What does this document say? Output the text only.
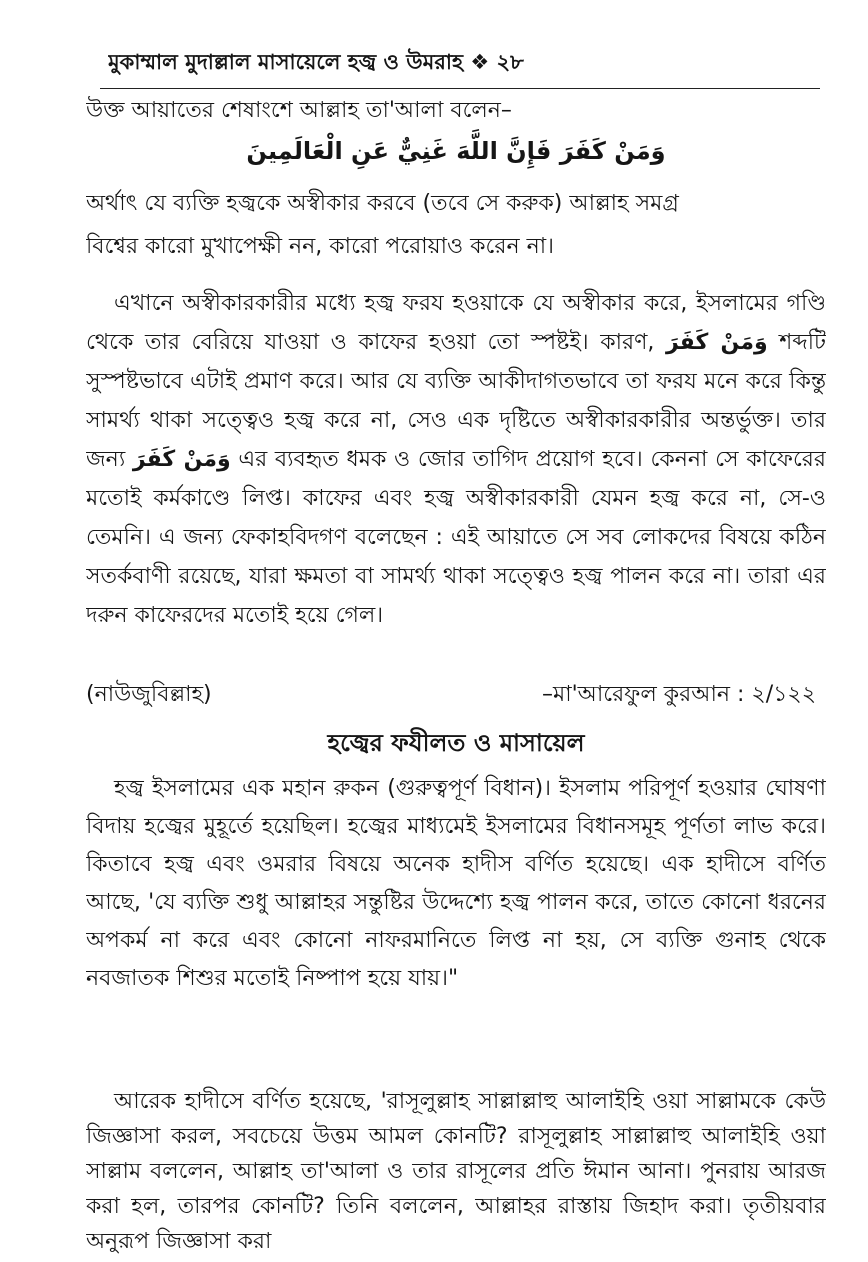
মুকাম্মাল মুদাল্লাল মাসায়েলে হজ্ব ও উমরাহ ❖ ২৮
উক্ত আয়াতের শেষাংশে আল্লাহ তা'আলা বলেন–
وَمَنْ كَفَرَ فَإِنَّ اللَّهَ غَنِيٌّ عَنِ الْعَالَمِينَ
অর্থাৎ যে ব্যক্তি হজ্বকে অস্বীকার করবে (তবে সে করুক) আল্লাহ সমগ্র
বিশ্বের কারো মুখাপেক্ষী নন, কারো পরোয়াও করেন না।
এখানে অস্বীকারকারীর মধ্যে হজ্ব ফরয হওয়াকে যে অস্বীকার করে, ইসলামের গণ্ডি থেকে তার বেরিয়ে যাওয়া ও কাফের হওয়া তো স্পষ্টই। কারণ, وَمَنْ كَفَرَ শব্দটি সুস্পষ্টভাবে এটাই প্রমাণ করে। আর যে ব্যক্তি আকীদাগতভাবে তা ফরয মনে করে কিন্তু সামর্থ্য থাকা সত্ত্বেও হজ্ব করে না, সেও এক দৃষ্টিতে অস্বীকারকারীর অন্তর্ভুক্ত। তার জন্য وَمَنْ كَفَرَ এর ব্যবহৃত ধমক ও জোর তাগিদ প্রয়োগ হবে। কেননা সে কাফেরের মতোই কর্মকাণ্ডে লিপ্ত। কাফের এবং হজ্ব অস্বীকারকারী যেমন হজ্ব করে না, সে-ও তেমনি। এ জন্য ফেকাহবিদগণ বলেছেন : এই আয়াতে সে সব লোকদের বিষয়ে কঠিন সতর্কবাণী রয়েছে, যারা ক্ষমতা বা সামর্থ্য থাকা সত্ত্বেও হজ্ব পালন করে না। তারা এর দরুন কাফেরদের মতোই হয়ে গেল।
(নাউজুবিল্লাহ)	–মা'আরেফুল কুরআন : ২/১২২
হজ্বের ফযীলত ও মাসায়েল
হজ্ব ইসলামের এক মহান রুকন (গুরুত্বপূর্ণ বিধান)। ইসলাম পরিপূর্ণ হওয়ার ঘোষণা বিদায় হজ্বের মুহূর্তে হয়েছিল। হজ্বের মাধ্যমেই ইসলামের বিধানসমূহ পূর্ণতা লাভ করে। কিতাবে হজ্ব এবং ওমরার বিষয়ে অনেক হাদীস বর্ণিত হয়েছে। এক হাদীসে বর্ণিত আছে, 'যে ব্যক্তি শুধু আল্লাহর সন্তুষ্টির উদ্দেশ্যে হজ্ব পালন করে, তাতে কোনো ধরনের অপকর্ম না করে এবং কোনো নাফরমানিতে লিপ্ত না হয়, সে ব্যক্তি গুনাহ থেকে নবজাতক শিশুর মতোই নিষ্পাপ হয়ে যায়।"
আরেক হাদীসে বর্ণিত হয়েছে, 'রাসূলুল্লাহ সাল্লাল্লাহু আলাইহি ওয়া সাল্লামকে কেউ জিজ্ঞাসা করল, সবচেয়ে উত্তম আমল কোনটি? রাসূলুল্লাহ সাল্লাল্লাহু আলাইহি ওয়া সাল্লাম বললেন, আল্লাহ তা'আলা ও তার রাসূলের প্রতি ঈমান আনা। পুনরায় আরজ করা হল, তারপর কোনটি? তিনি বললেন, আল্লাহর রাস্তায় জিহাদ করা। তৃতীয়বার অনুরূপ জিজ্ঞাসা করা
